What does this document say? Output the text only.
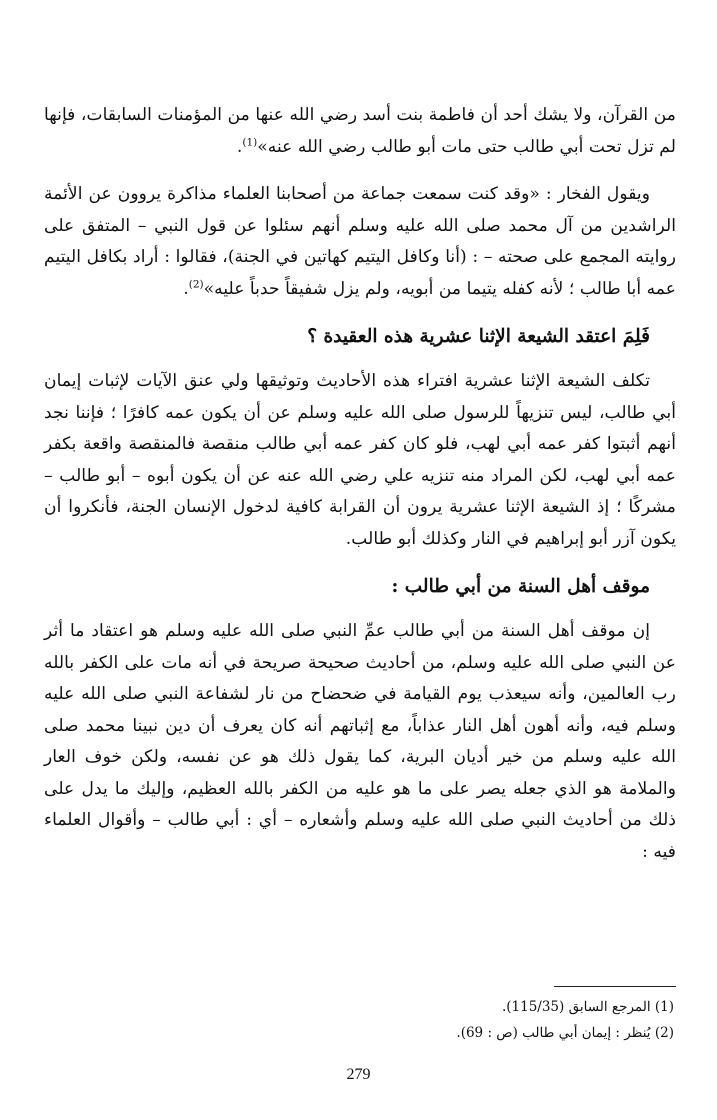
من القرآن، ولا يشك أحد أن فاطمة بنت أسد رضي الله عنها من المؤمنات السابقات، فإنها لم تزل تحت أبي طالب حتى مات أبو طالب رضي الله عنه»$^{(1)}$.

ويقول الفخار : «وقد كنت سمعت جماعة من أصحابنا العلماء مذاكرة يروون عن الأئمة الراشدين من آل محمد صلى الله عليه وسلم أنهم سئلوا عن قول النبي – المتفق على روايته المجمع على صحته – : (أنا وكافل اليتيم كهاتين في الجنة)، فقالوا : أراد بكافل اليتيم عمه أبا طالب ؛ لأنه كفله يتيما من أبويه، ولم يزل شفيقاً حدباً عليه»$^{(2)}$.

فَلِمَ اعتقد الشيعة الإثنا عشرية هذه العقيدة ؟

تكلف الشيعة الإثنا عشرية افتراء هذه الأحاديث وتوثيقها ولي عنق الآيات لإثبات إيمان أبي طالب، ليس تنزيهاً للرسول صلى الله عليه وسلم عن أن يكون عمه كافرًا ؛ فإننا نجد أنهم أثبتوا كفر عمه أبي لهب، فلو كان كفر عمه أبي طالب منقصة فالمنقصة واقعة بكفر عمه أبي لهب، لكن المراد منه تنزيه علي رضي الله عنه عن أن يكون أبوه – أبو طالب – مشركًا ؛ إذ الشيعة الإثنا عشرية يرون أن القرابة كافية لدخول الإنسان الجنة، فأنكروا أن يكون آزر أبو إبراهيم في النار وكذلك أبو طالب.

موقف أهل السنة من أبي طالب :

إن موقف أهل السنة من أبي طالب عمِّ النبي صلى الله عليه وسلم هو اعتقاد ما أثر عن النبي صلى الله عليه وسلم، من أحاديث صحيحة صريحة في أنه مات على الكفر بالله رب العالمين، وأنه سيعذب يوم القيامة في ضحضاح من نار لشفاعة النبي صلى الله عليه وسلم فيه، وأنه أهون أهل النار عذاباً، مع إثباتهم أنه كان يعرف أن دين نبينا محمد صلى الله عليه وسلم من خير أديان البرية، كما يقول ذلك هو عن نفسه، ولكن خوف العار والملامة هو الذي جعله يصر على ما هو عليه من الكفر بالله العظيم، وإليك ما يدل على ذلك من أحاديث النبي صلى الله عليه وسلم وأشعاره – أي : أبي طالب – وأقوال العلماء فيه :

(1) المرجع السابق (115/35).

(2) يُنظر : إيمان أبي طالب (ص : 69).

279
